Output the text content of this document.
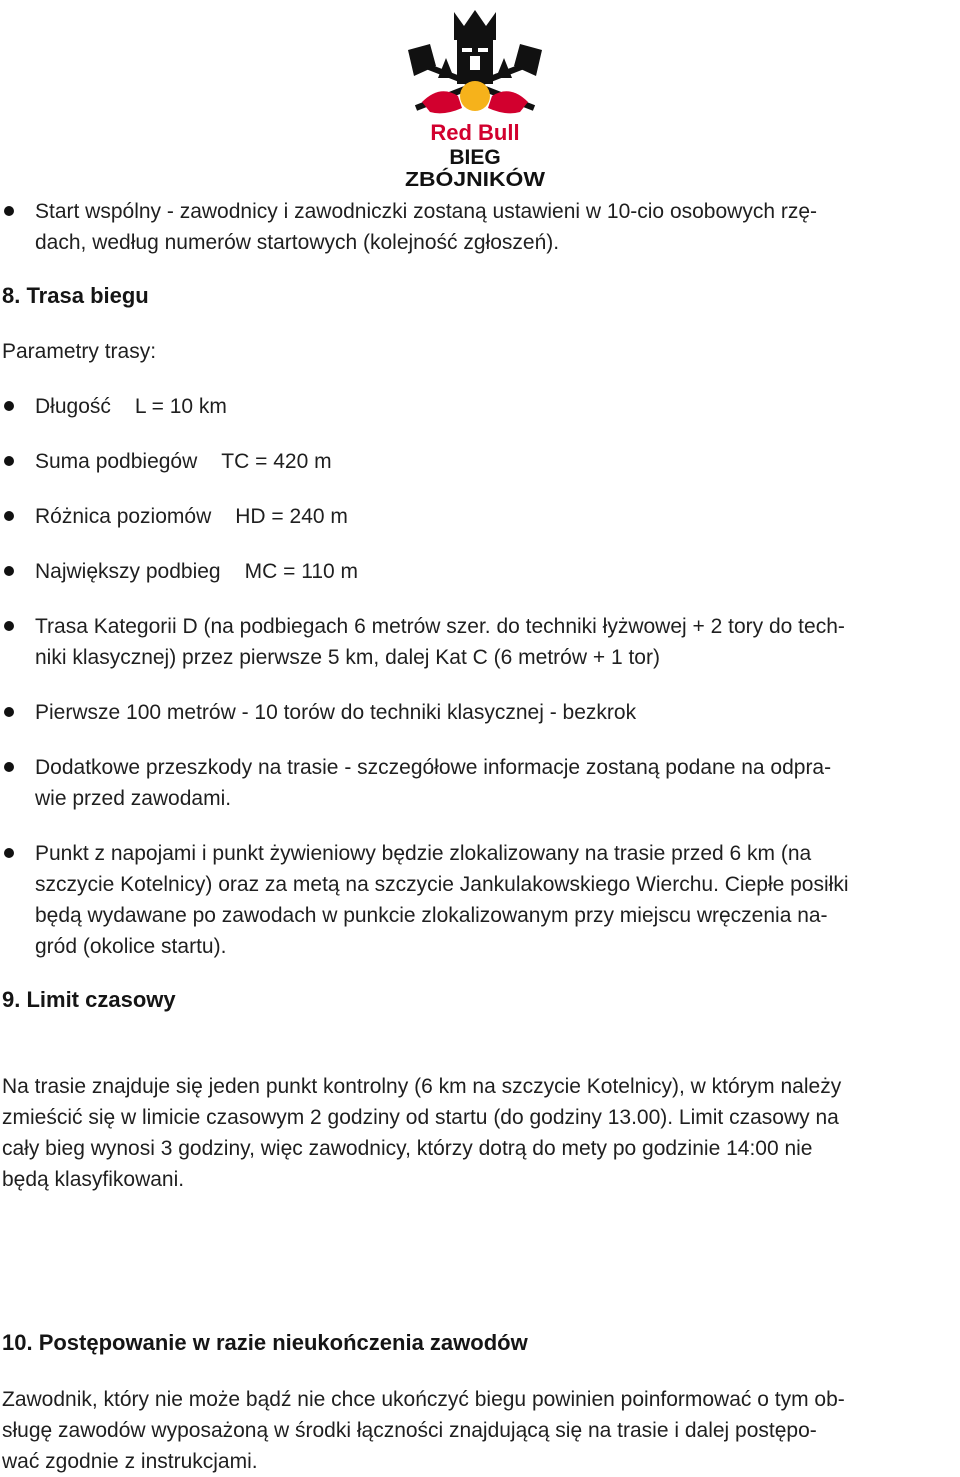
Red Bull
BIEG
ZBÓJNIKÓW
Start wspólny - zawodnicy i zawodniczki zostaną ustawieni w 10-cio osobowych rzę-
dach, według numerów startowych (kolejność zgłoszeń).
8. Trasa biegu
Parametry trasy:
Długość L = 10 km
Suma podbiegów TC = 420 m
Różnica poziomów HD = 240 m
Największy podbieg MC = 110 m
Trasa Kategorii D (na podbiegach 6 metrów szer. do techniki łyżwowej + 2 tory do tech-
niki klasycznej) przez pierwsze 5 km, dalej Kat C (6 metrów + 1 tor)
Pierwsze 100 metrów - 10 torów do techniki klasycznej - bezkrok
Dodatkowe przeszkody na trasie - szczegółowe informacje zostaną podane na odpra-
wie przed zawodami.
Punkt z napojami i punkt żywieniowy będzie zlokalizowany na trasie przed 6 km (na
szczycie Kotelnicy) oraz za metą na szczycie Jankulakowskiego Wierchu. Ciepłe posiłki
będą wydawane po zawodach w punkcie zlokalizowanym przy miejscu wręczenia na-
gród (okolice startu).
9. Limit czasowy
Na trasie znajduje się jeden punkt kontrolny (6 km na szczycie Kotelnicy), w którym należy
zmieścić się w limicie czasowym 2 godziny od startu (do godziny 13.00). Limit czasowy na
cały bieg wynosi 3 godziny, więc zawodnicy, którzy dotrą do mety po godzinie 14:00 nie
będą klasyfikowani.
10. Postępowanie w razie nieukończenia zawodów
Zawodnik, który nie może bądź nie chce ukończyć biegu powinien poinformować o tym ob-
sługę zawodów wyposażoną w środki łączności znajdującą się na trasie i dalej postępo-
wać zgodnie z instrukcjami.
